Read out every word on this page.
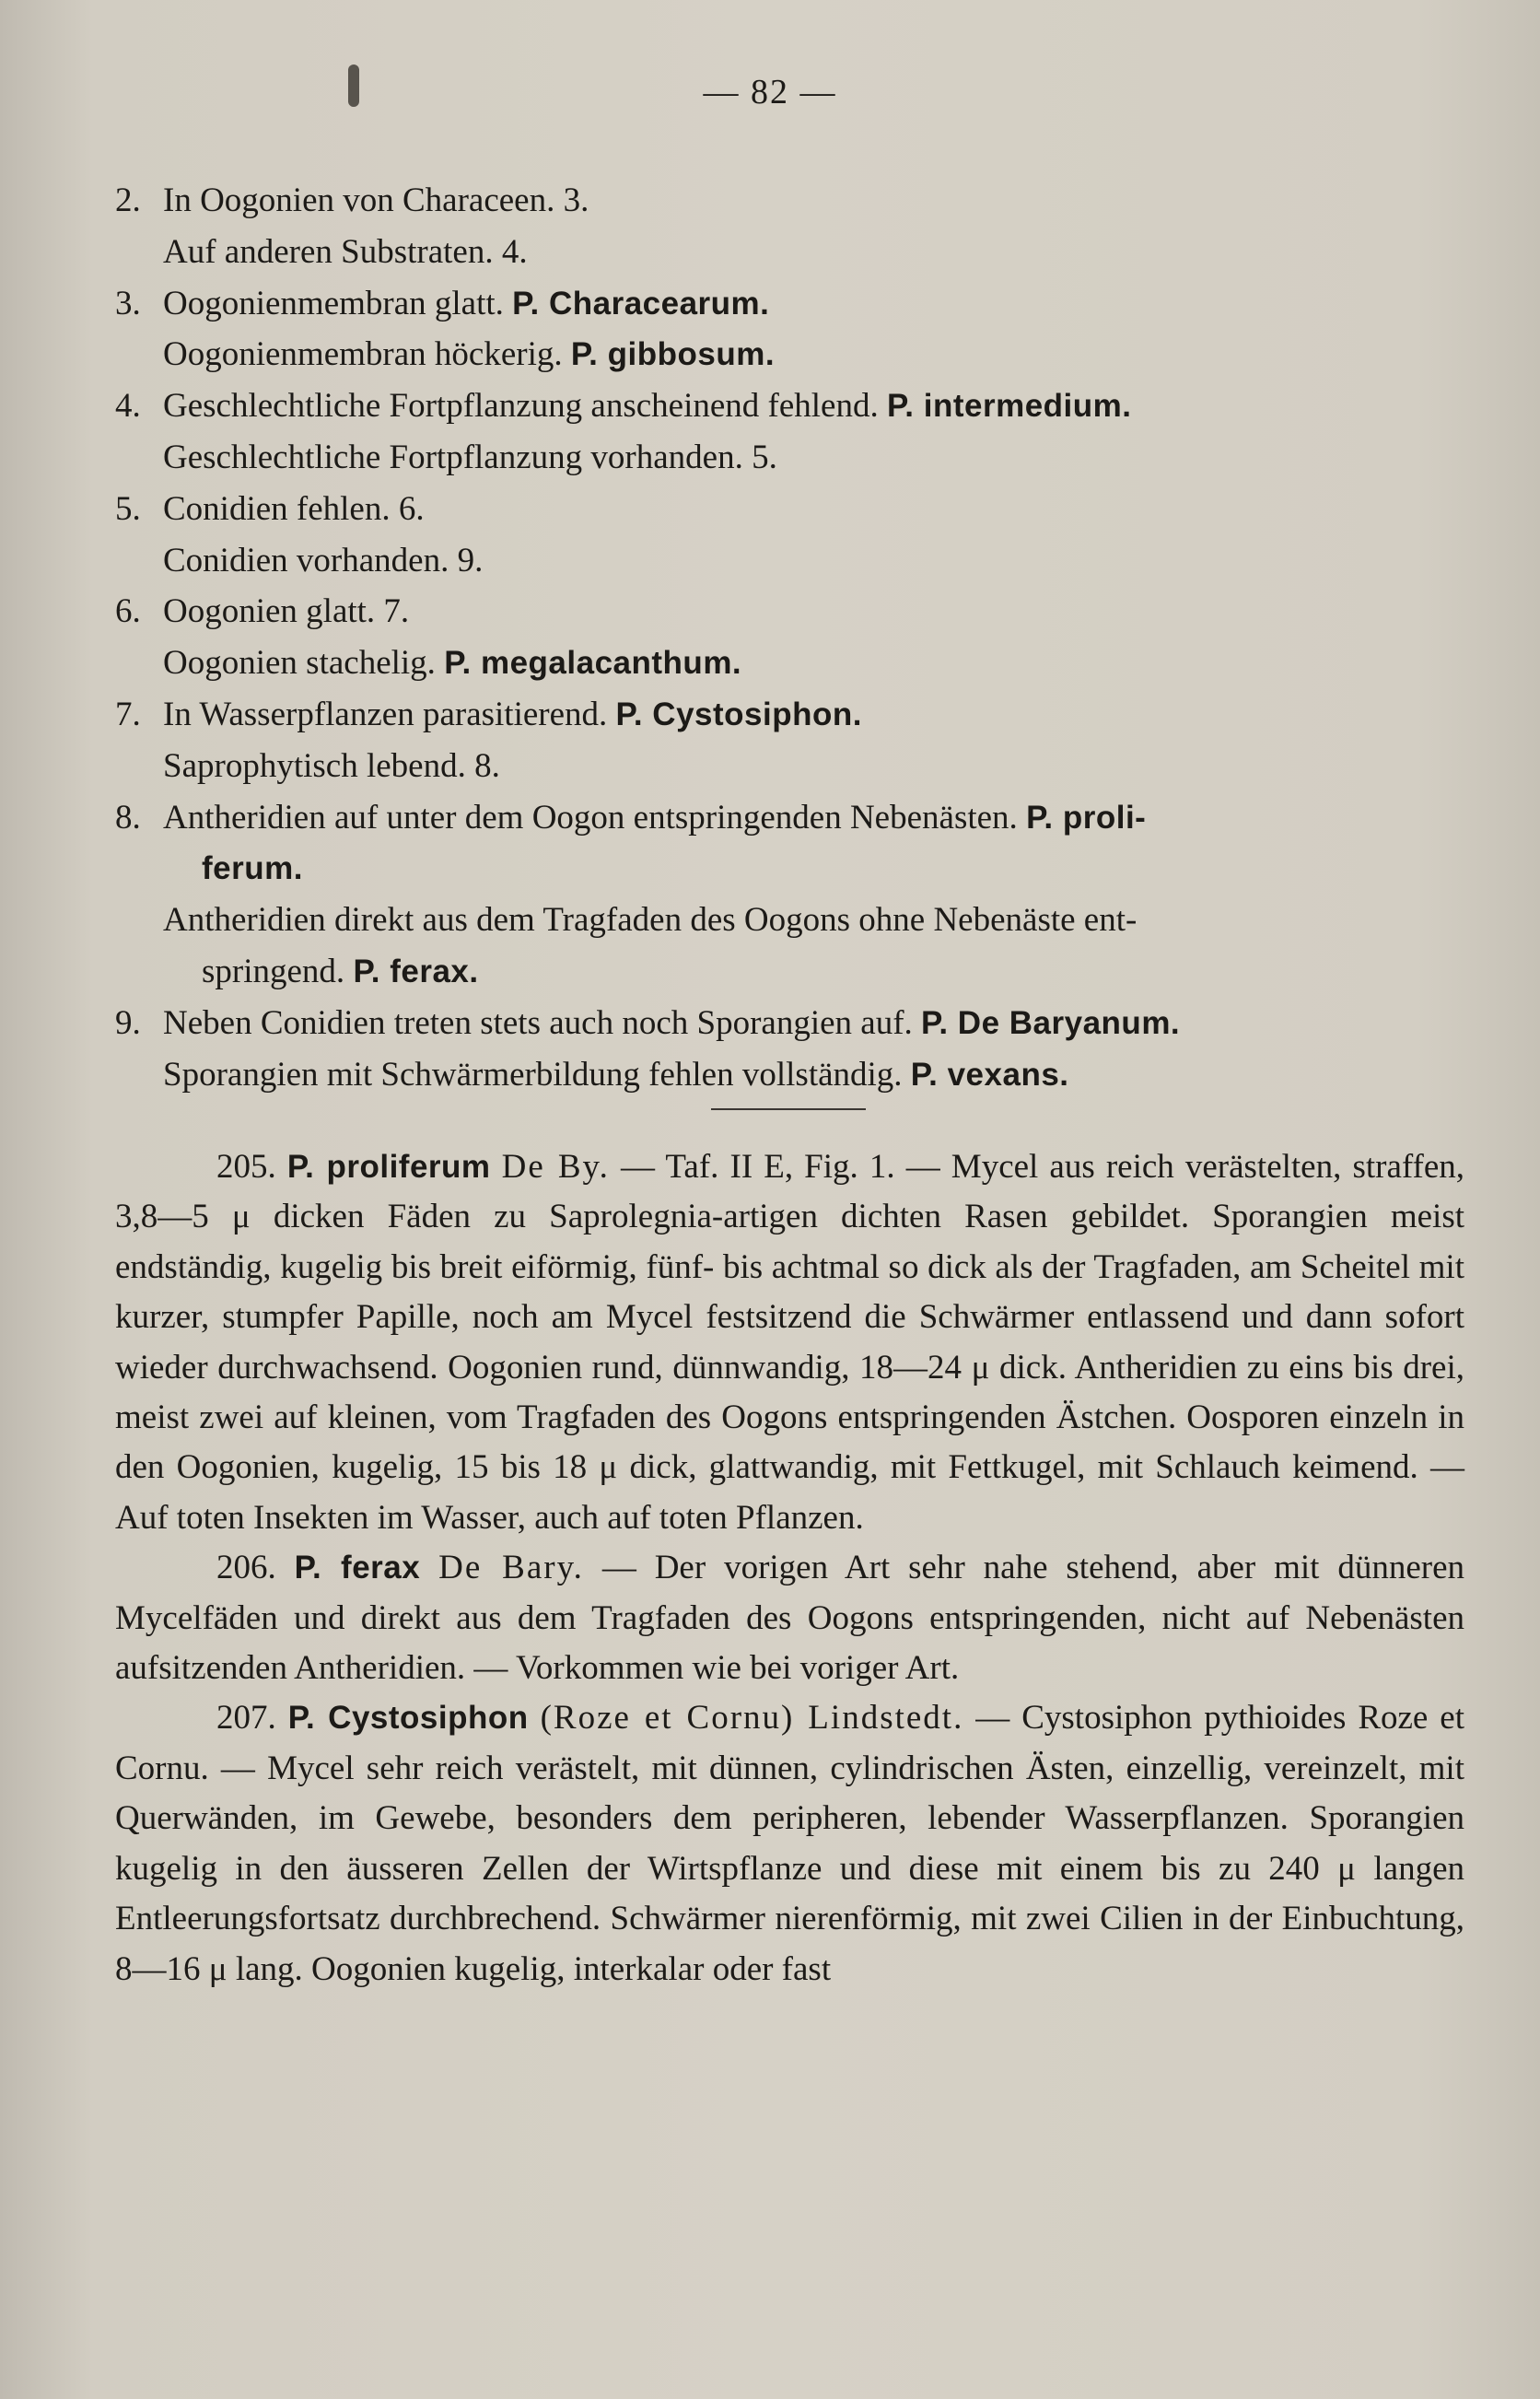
— 82 —
2. In Oogonien von Characeen. 3.
Auf anderen Substraten. 4.
3. Oogonienmembran glatt. P. Characearum.
Oogonienmembran höckerig. P. gibbosum.
4. Geschlechtliche Fortpflanzung anscheinend fehlend. P. intermedium.
Geschlechtliche Fortpflanzung vorhanden. 5.
5. Conidien fehlen. 6.
Conidien vorhanden. 9.
6. Oogonien glatt. 7.
Oogonien stachelig. P. megalacanthum.
7. In Wasserpflanzen parasitierend. P. Cystosiphon.
Saprophytisch lebend. 8.
8. Antheridien auf unter dem Oogon entspringenden Nebenästen. P. proli-
ferum.
Antheridien direkt aus dem Tragfaden des Oogons ohne Nebenäste ent-
springend. P. ferax.
9. Neben Conidien treten stets auch noch Sporangien auf. P. De Baryanum.
Sporangien mit Schwärmerbildung fehlen vollständig. P. vexans.

205. P. proliferum De By. — Taf. II E, Fig. 1. — Mycel aus reich verästelten, straffen, 3,8—5 μ dicken Fäden zu Saprolegnia-artigen dichten Rasen gebildet. Sporangien meist endständig, kugelig bis breit eiförmig, fünf- bis achtmal so dick als der Tragfaden, am Scheitel mit kurzer, stumpfer Papille, noch am Mycel festsitzend die Schwärmer entlassend und dann sofort wieder durchwachsend. Oogonien rund, dünnwandig, 18—24 μ dick. Antheridien zu eins bis drei, meist zwei auf kleinen, vom Tragfaden des Oogons entspringenden Ästchen. Oosporen einzeln in den Oogonien, kugelig, 15 bis 18 μ dick, glattwandig, mit Fettkugel, mit Schlauch keimend. — Auf toten Insekten im Wasser, auch auf toten Pflanzen.

206. P. ferax De Bary. — Der vorigen Art sehr nahe stehend, aber mit dünneren Mycelfäden und direkt aus dem Tragfaden des Oogons entspringenden, nicht auf Nebenästen aufsitzenden Antheridien. — Vorkommen wie bei voriger Art.

207. P. Cystosiphon (Roze et Cornu) Lindstedt. — Cystosiphon pythioides Roze et Cornu. — Mycel sehr reich verästelt, mit dünnen, cylindrischen Ästen, einzellig, vereinzelt, mit Querwänden, im Gewebe, besonders dem peripheren, lebender Wasserpflanzen. Sporangien kugelig in den äusseren Zellen der Wirtspflanze und diese mit einem bis zu 240 μ langen Entleerungsfortsatz durchbrechend. Schwärmer nierenförmig, mit zwei Cilien in der Einbuchtung, 8—16 μ lang. Oogonien kugelig, interkalar oder fast
